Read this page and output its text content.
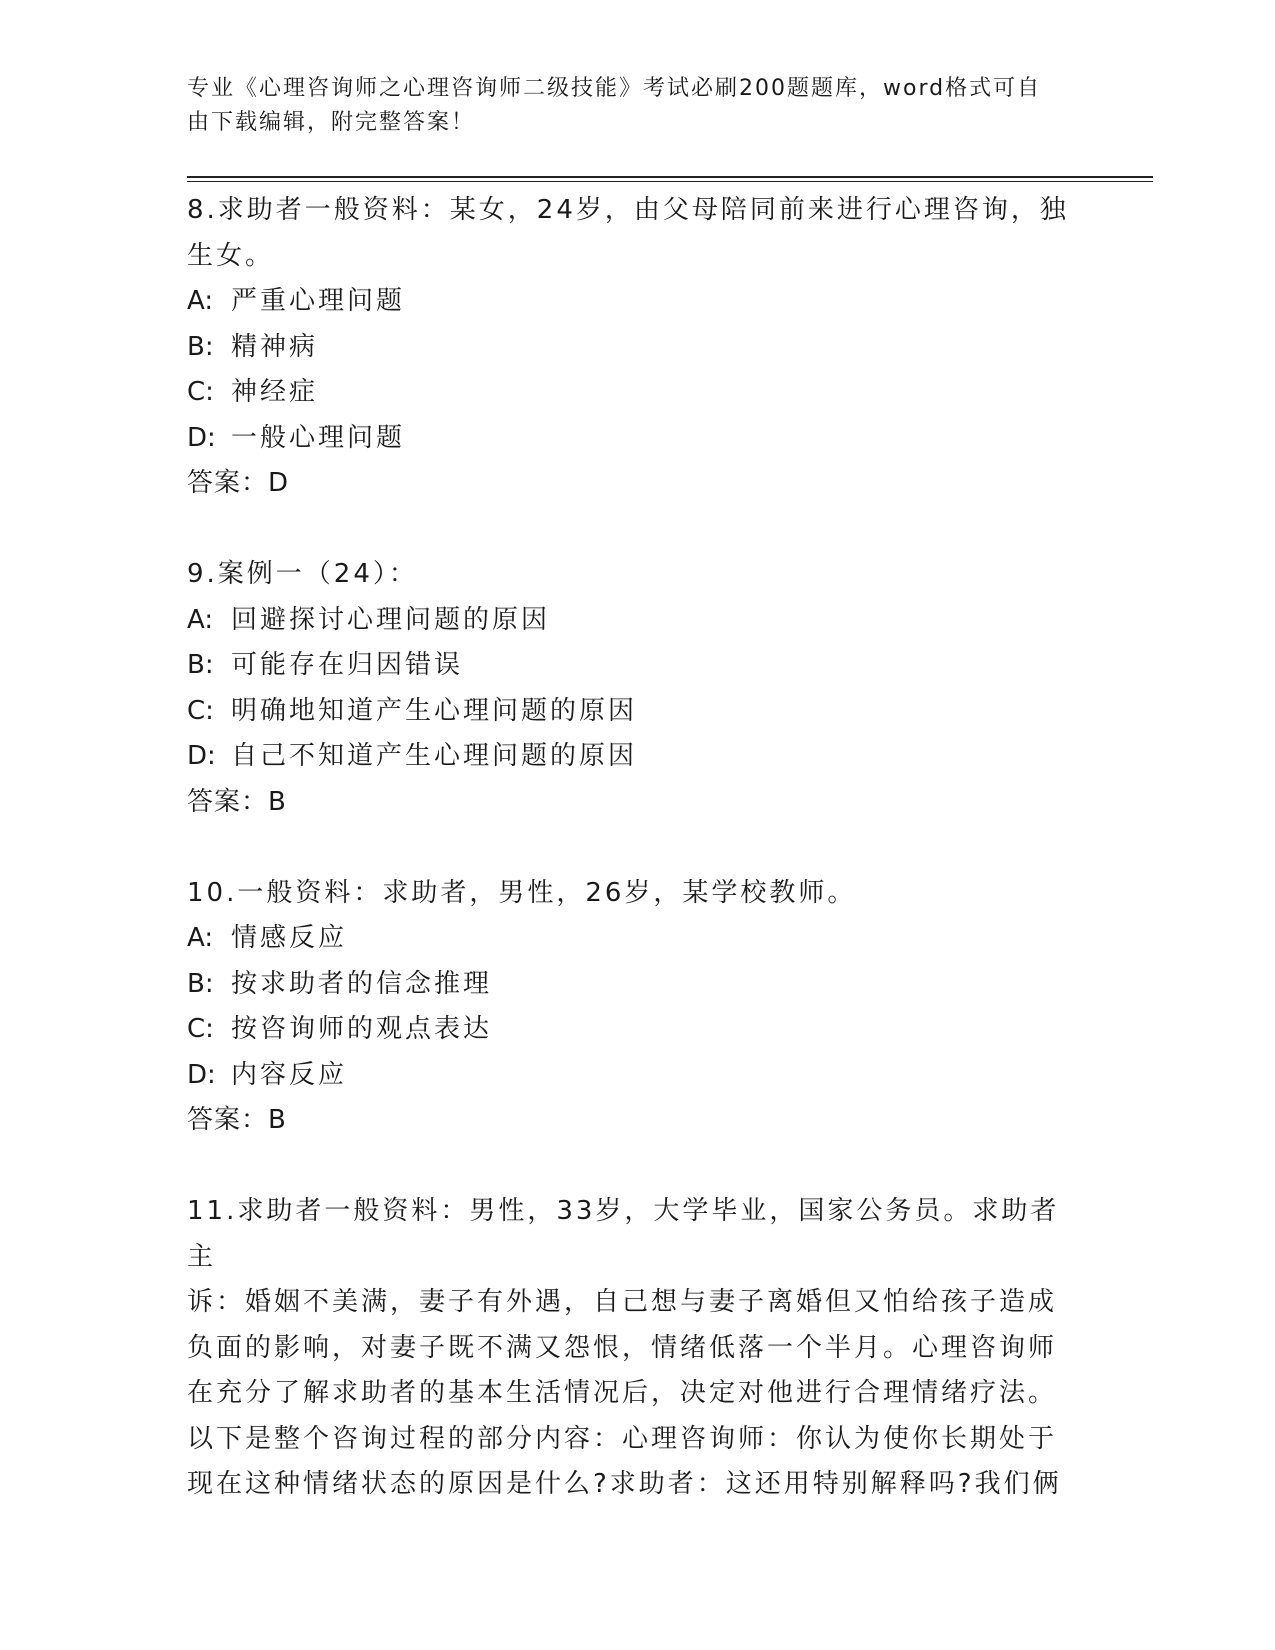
专业《心理咨询师之心理咨询师二级技能》考试必刷200题题库，word格式可自
由下载编辑，附完整答案！
8.求助者一般资料：某女，24岁，由父母陪同前来进行心理咨询，独
生女。
A: 严重心理问题
B: 精神病
C: 神经症
D: 一般心理问题
答案：D
9.案例一（24）：
A: 回避探讨心理问题的原因
B: 可能存在归因错误
C: 明确地知道产生心理问题的原因
D: 自己不知道产生心理问题的原因
答案：B
10.一般资料：求助者，男性，26岁，某学校教师。
A: 情感反应
B: 按求助者的信念推理
C: 按咨询师的观点表达
D: 内容反应
答案：B
11.求助者一般资料：男性，33岁，大学毕业，国家公务员。求助者主
诉：婚姻不美满，妻子有外遇，自己想与妻子离婚但又怕给孩子造成
负面的影响，对妻子既不满又怨恨，情绪低落一个半月。心理咨询师
在充分了解求助者的基本生活情况后，决定对他进行合理情绪疗法。
以下是整个咨询过程的部分内容：心理咨询师：你认为使你长期处于
现在这种情绪状态的原因是什么?求助者：这还用特别解释吗?我们俩
